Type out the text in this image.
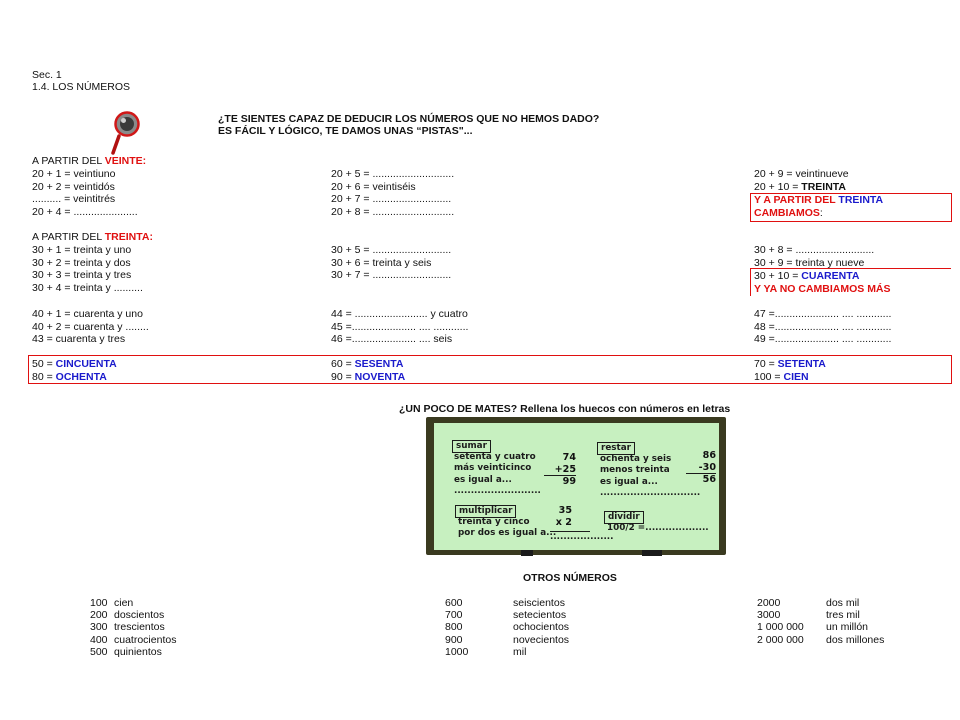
Sec. 1
1.4. LOS NÚMEROS
¿TE SIENTES CAPAZ DE DEDUCIR LOS NÚMEROS QUE NO HEMOS DADO?
ES FÁCIL Y LÓGICO, TE DAMOS UNAS “PISTAS"...
A PARTIR DEL VEINTE:
20 + 1 = veintiuno
20 + 2 = veintidós
.......... = veintitrés
20 + 4 = ......................
20 + 5 = ............................
20 + 6 = veintiséis
20 + 7 = ...........................
20 + 8 = ............................
20 + 9 = veintinueve
20 + 10 = TREINTA
Y A PARTIR DEL TREINTA
CAMBIAMOS:
A PARTIR DEL TREINTA:
30 + 1 = treinta y uno
30 + 2 = treinta y dos
30 + 3 = treinta y tres
30 + 4 = treinta y ..........
30 + 5 = ...........................
30 + 6 = treinta y seis
30 + 7 = ...........................
30 + 8 = ...........................
30 + 9 = treinta y nueve
30 + 10 = CUARENTA
Y YA NO CAMBIAMOS MÁS
40 + 1 = cuarenta y uno
40 + 2 = cuarenta y ........
43 = cuarenta y tres
44 = ......................... y cuatro
45 =...................... .... ............
46 =...................... .... seis
47 =...................... .... ............
48 =...................... .... ............
49 =...................... .... ............
50 = CINCUENTA
80 = OCHENTA
60 = SESENTA
90 = NOVENTA
70 = SETENTA
100 = CIEN
¿UN POCO DE MATES? Rellena los huecos con números en letras
sumar
setenta y cuatro
más veinticinco
es igual a...
..........................
74
+25
99
restar
ochenta y seis
menos treinta
es igual a...
..............................
86
-30
56
multiplicar
treinta y cinco
por dos es igual a...
35
x 2
...................
dividir
100/2 =...................
OTROS NÚMEROS
100
200
300
400
500
cien
doscientos
trescientos
cuatrocientos
quinientos
600
700
800
900
1000
seiscientos
setecientos
ochocientos
novecientos
mil
2000
3000
1 000 000
2 000 000
dos mil
tres mil
un millón
dos millones
